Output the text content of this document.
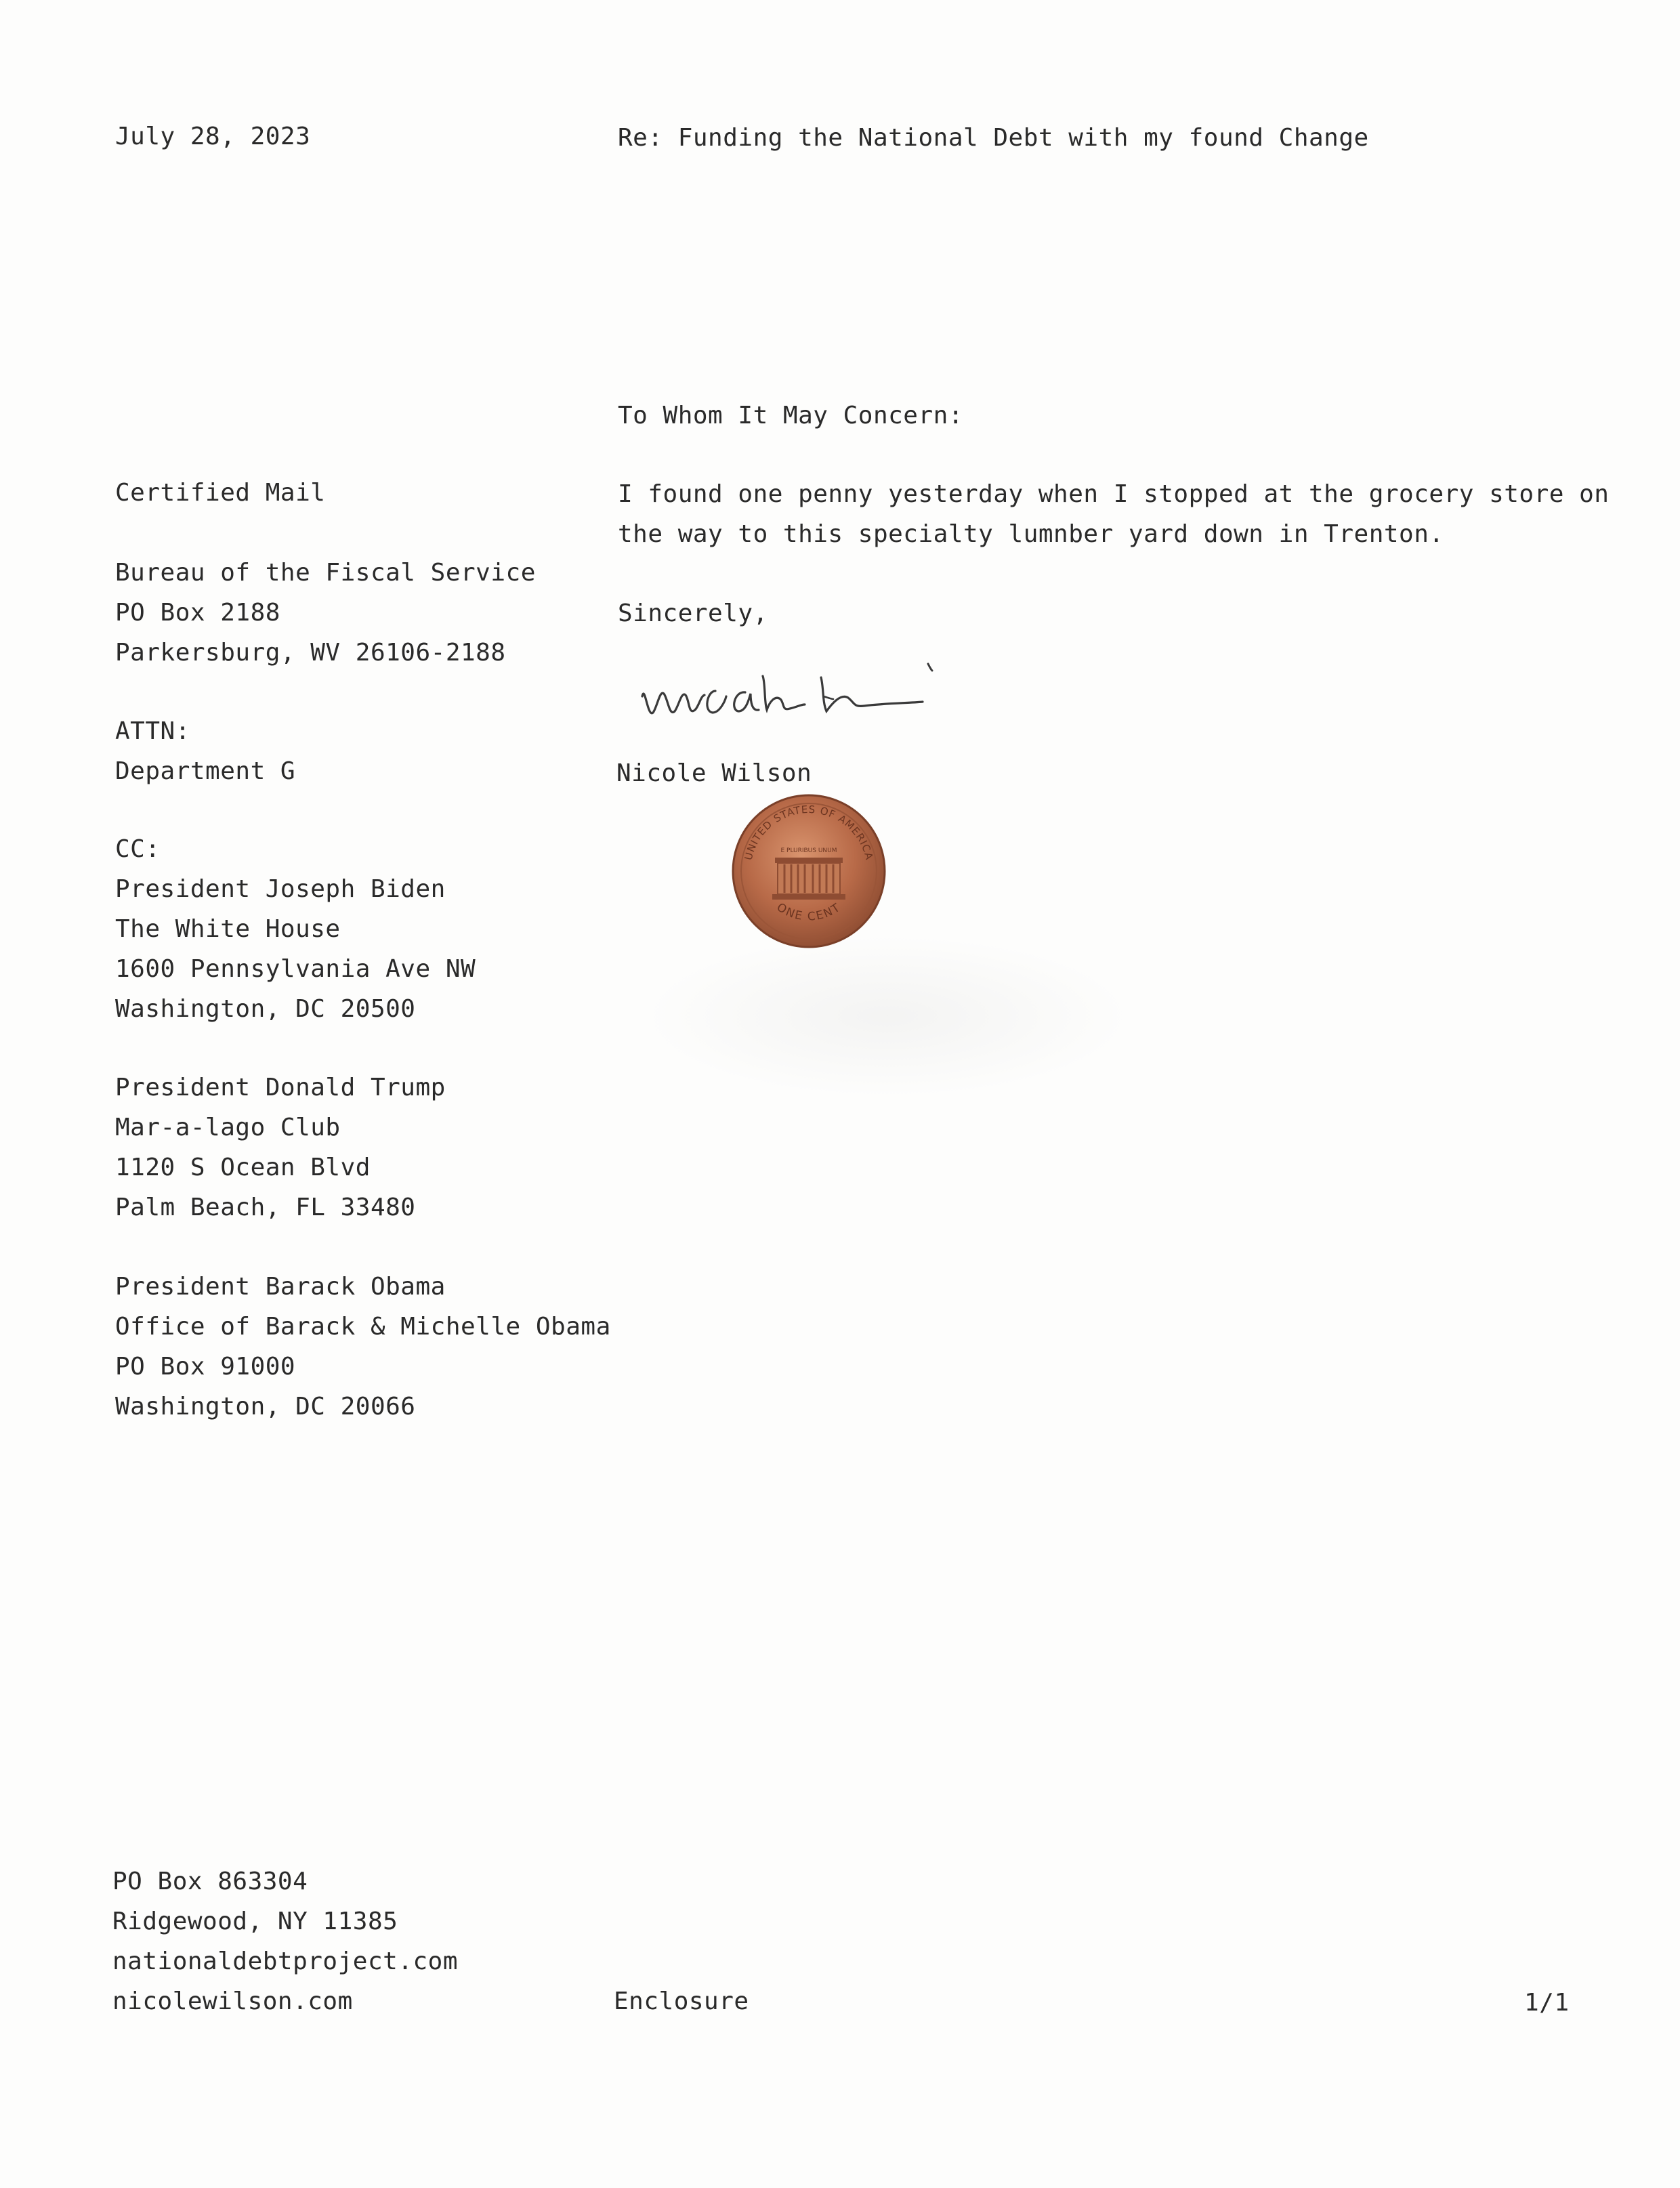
July 28, 2023	Re: Funding the National Debt with my found Change
To Whom It May Concern:
I found one penny yesterday when I stopped at the grocery store on
the way to this specialty lumnber yard down in Trenton.
Sincerely,
Nicole Wilson
UNITED STATES OF AMERICA
ONE CENT
E PLURIBUS UNUM
Certified Mail
Bureau of the Fiscal Service
PO Box 2188
Parkersburg, WV 26106-2188
ATTN:
Department G
CC:
President Joseph Biden
The White House
1600 Pennsylvania Ave NW
Washington, DC 20500
President Donald Trump
Mar-a-lago Club
1120 S Ocean Blvd
Palm Beach, FL 33480
President Barack Obama
Office of Barack & Michelle Obama
PO Box 91000
Washington, DC 20066
PO Box 863304
Ridgewood, NY 11385
nationaldebtproject.com
nicolewilson.com	Enclosure	1/1
